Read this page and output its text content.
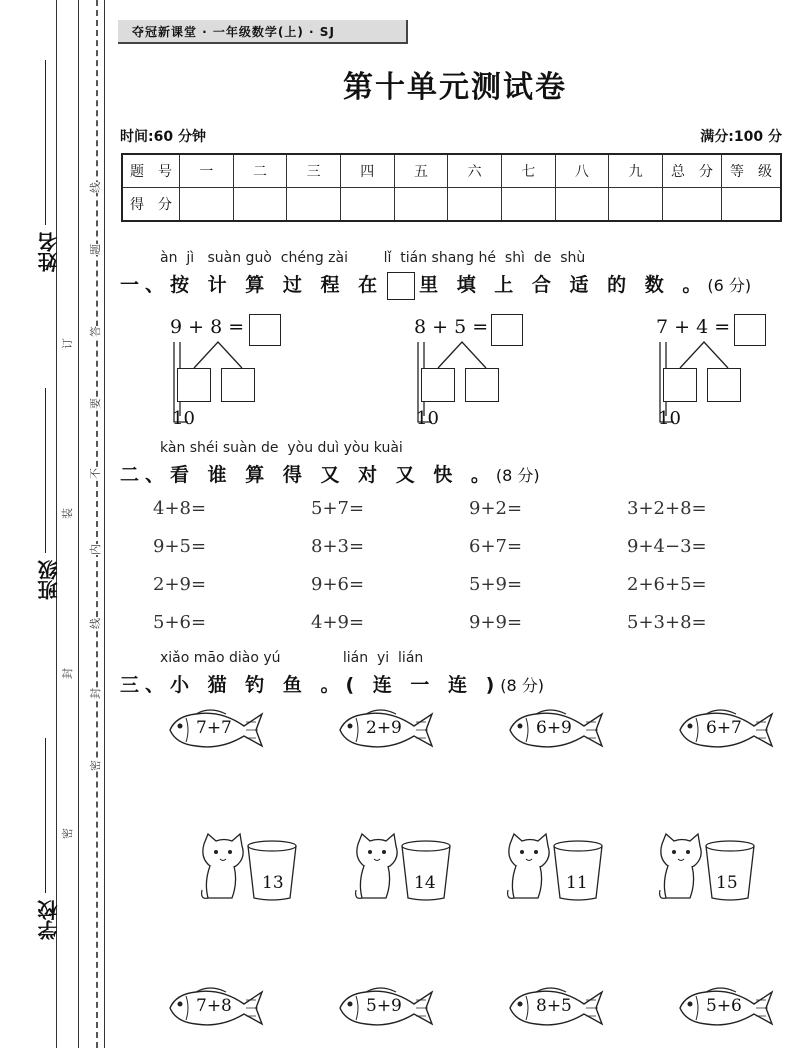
姓名
班级
学校
线
题
答
订
要
不
装
内
线
封
封
密
密
夺冠新课堂 · 一年级数学(上) · SJ
第十单元测试卷
时间:60 分钟	满分:100 分
题　号	一	二	三	四	五	六	七	八	九	总　分	等　级
得　分											
àn  jì   suàn guò  chéng zài        lǐ  tián shang hé  shì  de  shù
一、按 计 算 过 程 在 里 填 上 合 适 的 数 。(6 分)
9 + 8 =
10
8 + 5 =
10
7 + 4 =
10
kàn shéi suàn de  yòu duì yòu kuài
二、看 谁 算 得 又 对 又 快 。(8 分)
4+8=	5+7=	9+2=	3+2+8=
9+5=	8+3=	6+7=	9+4−3=
2+9=	9+6=	5+9=	2+6+5=
5+6=	4+9=	9+9=	5+3+8=
xiǎo māo diào yú              lián  yi  lián
三、小 猫 钓 鱼 。( 连 一 连 )(8 分)
7+7	2+9	6+9	6+7
13	14	11	15
7+8	5+9	8+5	5+6
